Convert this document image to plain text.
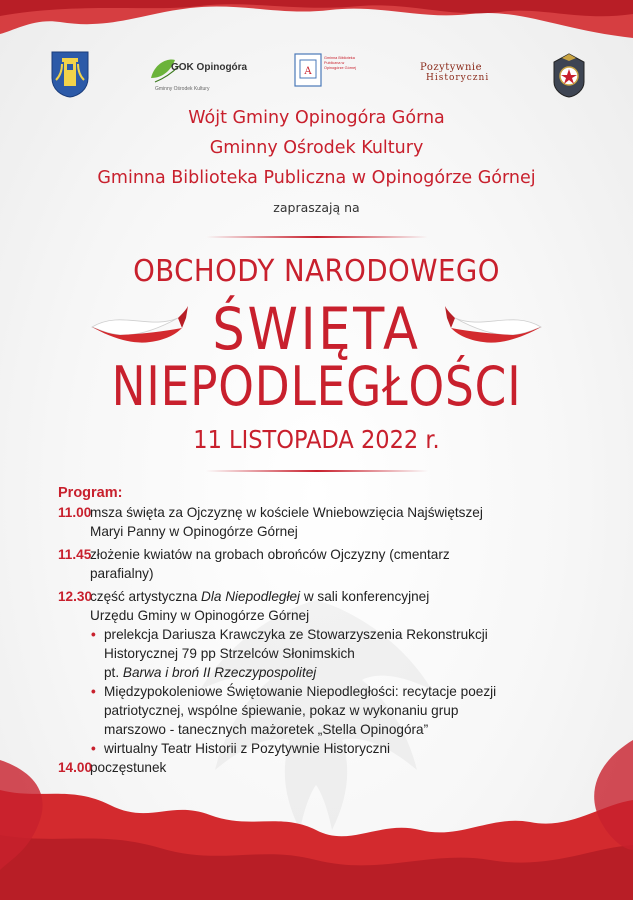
GOK Opinogóra
Gminny Ośrodek Kultury
A
Gminna Biblioteka Publiczna w Opinogórze Górnej	Pozytywnie
Historyczni
Wójt Gminy Opinogóra Górna
Gminny Ośrodek Kultury
Gminna Biblioteka Publiczna w Opinogórze Górnej
zapraszają na
OBCHODY NARODOWEGO
ŚWIĘTA
NIEPODLEGŁOŚCI
11 LISTOPADA 2022 r.
Program:
11.00
msza święta za Ojczyznę w kościele Wniebowzięcia Najświętszej
Maryi Panny w Opinogórze Górnej
11.45
złożenie kwiatów na grobach obrońców Ojczyzny (cmentarz
parafialny)
12.30
część artystyczna Dla Niepodległej w sali konferencyjnej
Urzędu Gminy w Opinogórze Górnej
• prelekcja Dariusza Krawczyka ze Stowarzyszenia Rekonstrukcji
Historycznej 79 pp Strzelców Słonimskich
pt. Barwa i broń II Rzeczypospolitej
• Międzypokoleniowe Świętowanie Niepodległości: recytacje poezji
patriotycznej, wspólne śpiewanie, pokaz w wykonaniu grup
marszowo - tanecznych mażoretek „Stella Opinogóra”
• wirtualny Teatr Historii z Pozytywnie Historyczni
14.00
poczęstunek
